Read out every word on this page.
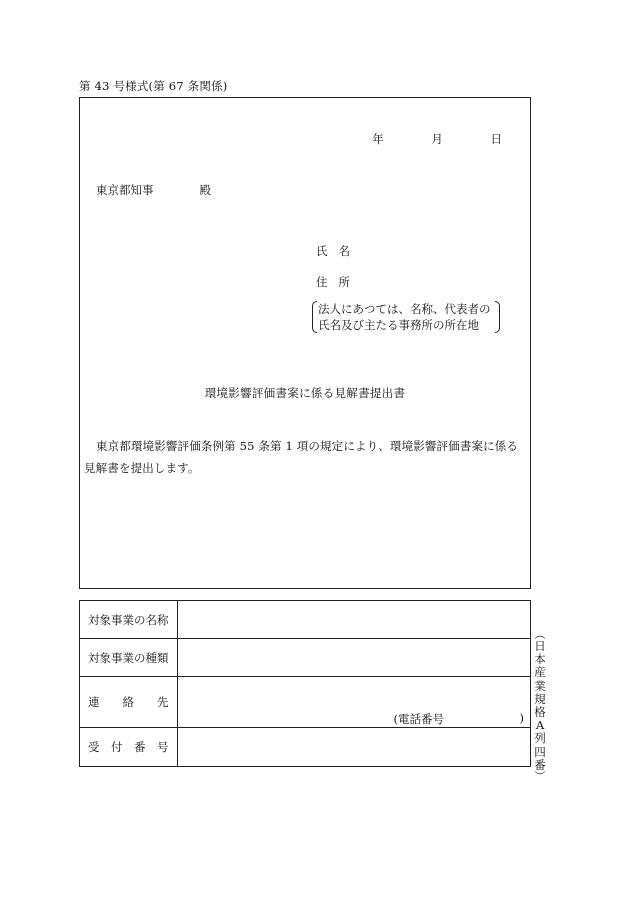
第 43 号様式(第 67 条関係)
年	月	日
東京都知事	殿
氏名
住所
法人にあつては、名称、代表者の
氏名及び主たる事務所の所在地
環境影響評価書案に係る見解書提出書
東京都環境影響評価条例第 55 条第 1 項の規定により、環境影響評価書案に係る見解書を提出します。
対象事業の名称	
対象事業の種類	

連 絡 先	(電話番号 )

受 付 番 号	

︵
日
本
産
業
規
格
A
列
四
番
︶
